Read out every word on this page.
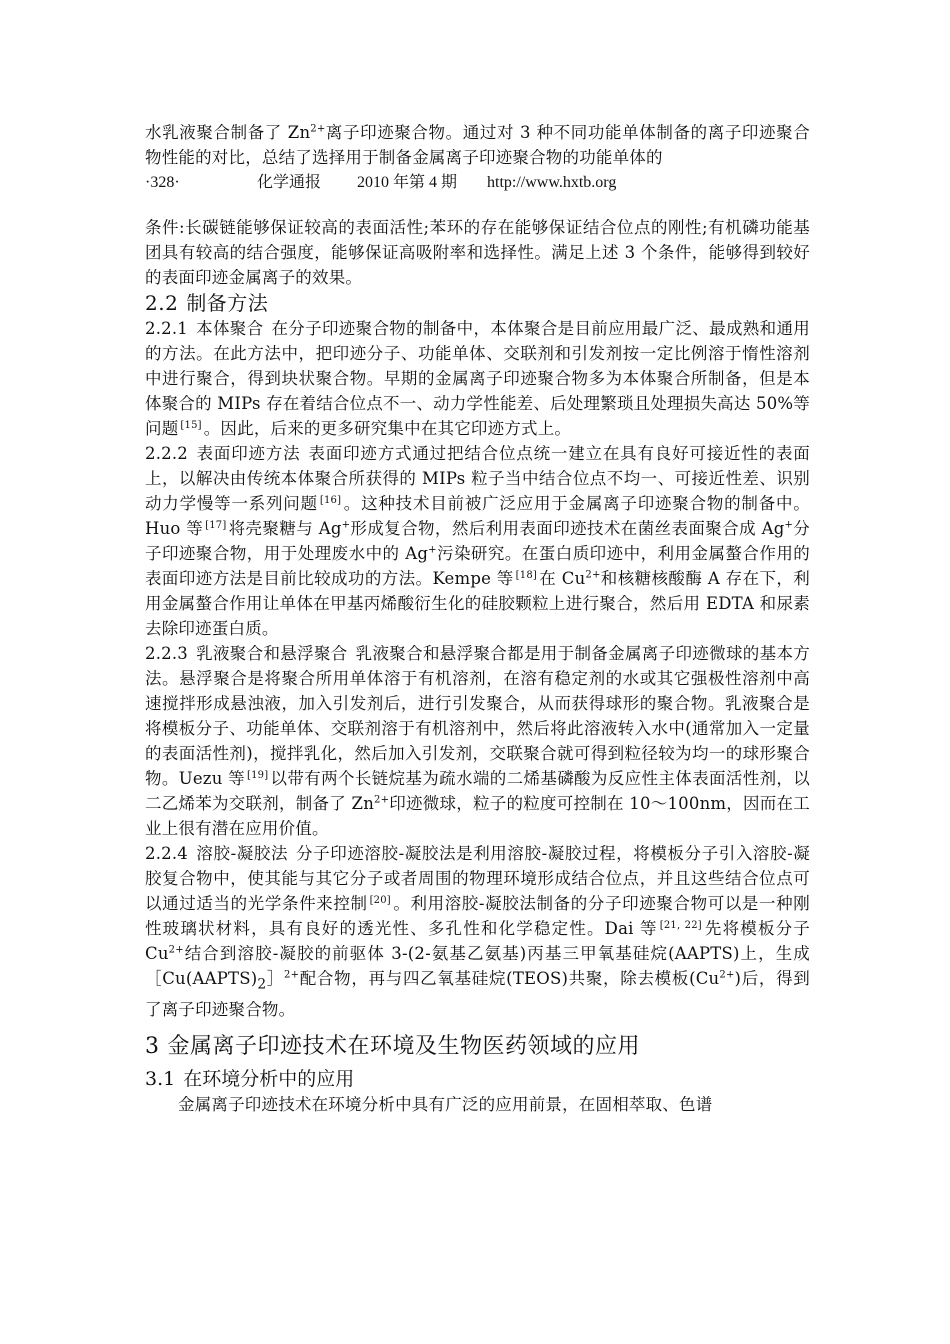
水乳液聚合制备了 $Zn^{2+}$离子印迹聚合物。通过对 3 种不同功能单体制备的离子印迹聚合物性能的对比，总结了选择用于制备金属离子印迹聚合物的功能单体的

·328·	化学通报 2010 年第 4 期 http://www.hxtb.org

条件:长碳链能够保证较高的表面活性;苯环的存在能够保证结合位点的刚性;有机磷功能基团具有较高的结合强度，能够保证高吸附率和选择性。满足上述 3 个条件，能够得到较好的表面印迹金属离子的效果。

2.2 制备方法

2.2.1 本体聚合 在分子印迹聚合物的制备中，本体聚合是目前应用最广泛、最成熟和通用的方法。在此方法中，把印迹分子、功能单体、交联剂和引发剂按一定比例溶于惰性溶剂中进行聚合，得到块状聚合物。早期的金属离子印迹聚合物多为本体聚合所制备，但是本体聚合的 MIPs 存在着结合位点不一、动力学性能差、后处理繁琐且处理损失高达 50%等问题 [15] 。因此，后来的更多研究集中在其它印迹方式上。

2.2.2 表面印迹方法 表面印迹方式通过把结合位点统一建立在具有良好可接近性的表面上，以解决由传统本体聚合所获得的 MIPs 粒子当中结合位点不均一、可接近性差、识别动力学慢等一系列问题 [16] 。这种技术目前被广泛应用于金属离子印迹聚合物的制备中。Huo 等 [17] 将壳聚糖与 Ag+形成复合物，然后利用表面印迹技术在菌丝表面聚合成 Ag+分子印迹聚合物，用于处理废水中的 Ag+污染研究。在蛋白质印迹中，利用金属螯合作用的表面印迹方法是目前比较成功的方法。Kempe 等 [18] 在 $Cu^{2+}$和核糖核酸酶 A 存在下，利用金属螯合作用让单体在甲基丙烯酸衍生化的硅胶颗粒上进行聚合，然后用 EDTA 和尿素去除印迹蛋白质。

2.2.3 乳液聚合和悬浮聚合 乳液聚合和悬浮聚合都是用于制备金属离子印迹微球的基本方法。悬浮聚合是将聚合所用单体溶于有机溶剂，在溶有稳定剂的水或其它强极性溶剂中高速搅拌形成悬浊液，加入引发剂后，进行引发聚合，从而获得球形的聚合物。乳液聚合是将模板分子、功能单体、交联剂溶于有机溶剂中，然后将此溶液转入水中(通常加入一定量的表面活性剂)，搅拌乳化，然后加入引发剂，交联聚合就可得到粒径较为均一的球形聚合物。Uezu 等 [19] 以带有两个长链烷基为疏水端的二烯基磷酸为反应性主体表面活性剂，以二乙烯苯为交联剂，制备了 $Zn^{2+}$印迹微球，粒子的粒度可控制在 10～100nm，因而在工业上很有潜在应用价值。

2.2.4 溶胶-凝胶法 分子印迹溶胶-凝胶法是利用溶胶-凝胶过程，将模板分子引入溶胶-凝胶复合物中，使其能与其它分子或者周围的物理环境形成结合位点，并且这些结合位点可以通过适当的光学条件来控制 [20] 。利用溶胶-凝胶法制备的分子印迹聚合物可以是一种刚性玻璃状材料，具有良好的透光性、多孔性和化学稳定性。Dai 等 [21, 22] 先将模板分子 $Cu^{2+}$结合到溶胶-凝胶的前驱体 3-(2-氨基乙氨基)丙基三甲氧基硅烷(AAPTS)上，生成$[Cu(AAPTS)_2]^{2+}$配合物，再与四乙氧基硅烷(TEOS)共聚，除去模板$(Cu^{2+})$后，得到了离子印迹聚合物。

3 金属离子印迹技术在环境及生物医药领域的应用
3.1 在环境分析中的应用

金属离子印迹技术在环境分析中具有广泛的应用前景，在固相萃取、色谱
